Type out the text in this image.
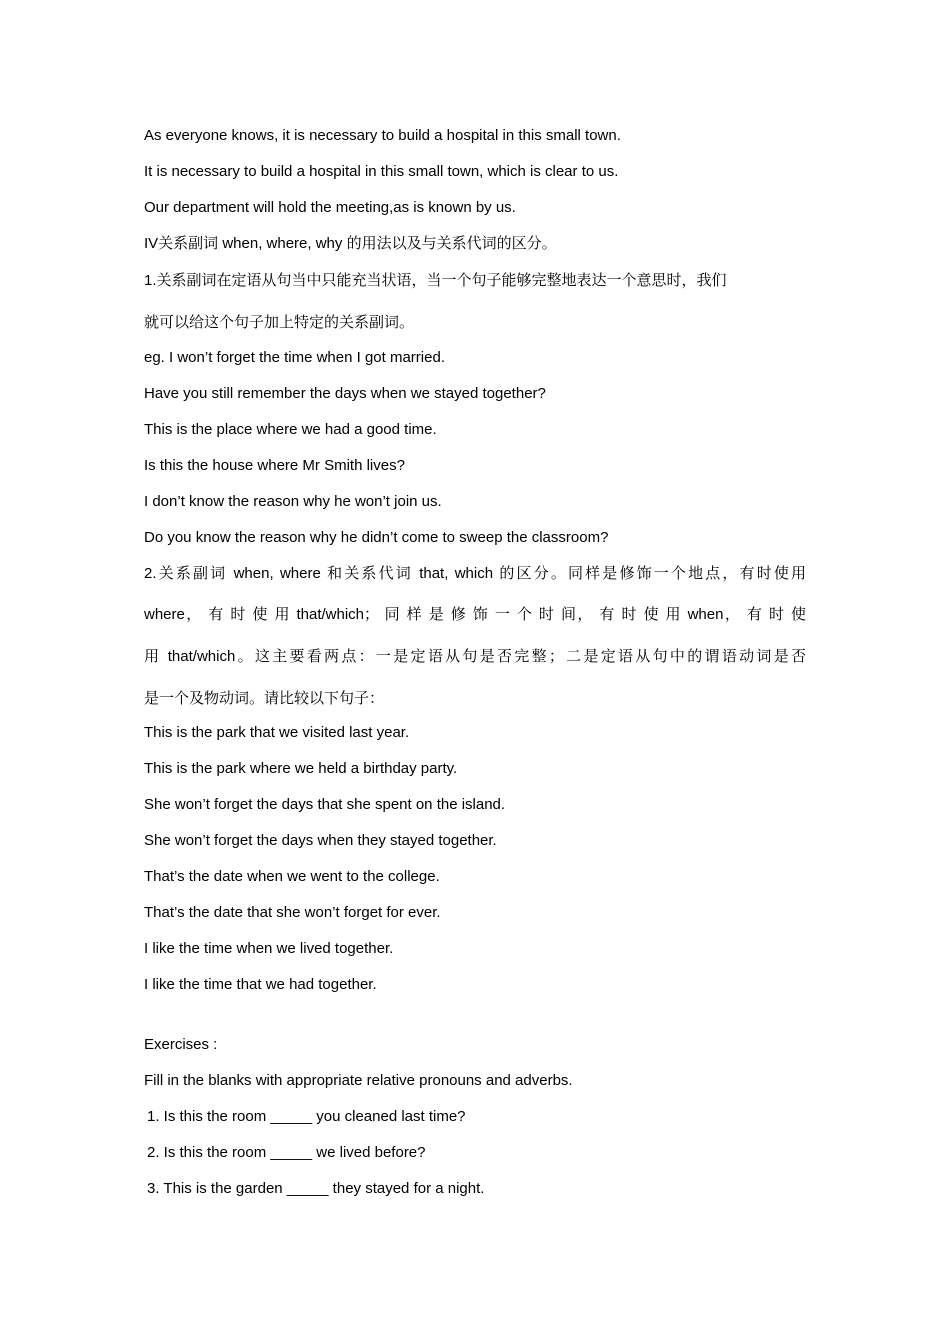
As everyone knows, it is necessary to build a hospital in this small town.
It is necessary to build a hospital in this small town, which is clear to us.
Our department will hold the meeting,as is known by us.
IV关系副词 when, where, why 的用法以及与关系代词的区分。
1.关系副词在定语从句当中只能充当状语，当一个句子能够完整地表达一个意思时，我们
就可以给这个句子加上特定的关系副词。
eg. I won’t forget the time when I got married.
Have you still remember the days when we stayed together?
This is the place where we had a good time.
Is this the house where Mr Smith lives?
I don’t know the reason why he won’t join us.
Do you know the reason why he didn’t come to sweep the classroom?
2.关系副词 when, where 和关系代词 that, which 的区分。同样是修饰一个地点，有时使用
where， 有 时 使 用 that/which； 同 样 是 修 饰 一 个 时 间， 有 时 使 用 when， 有 时 使
用 that/which。这主要看两点：一是定语从句是否完整；二是定语从句中的谓语动词是否
是一个及物动词。请比较以下句子：
This is the park that we visited last year.
This is the park where we held a birthday party.
She won’t forget the days that she spent on the island.
She won’t forget the days when they stayed together.
That’s the date when we went to the college.
That’s the date that she won’t forget for ever.
I like the time when we lived together.
I like the time that we had together.
Exercises :
Fill in the blanks with appropriate relative pronouns and adverbs.
1. Is this the room _____ you cleaned last time?
2. Is this the room _____ we lived before?
3. This is the garden _____ they stayed for a night.
